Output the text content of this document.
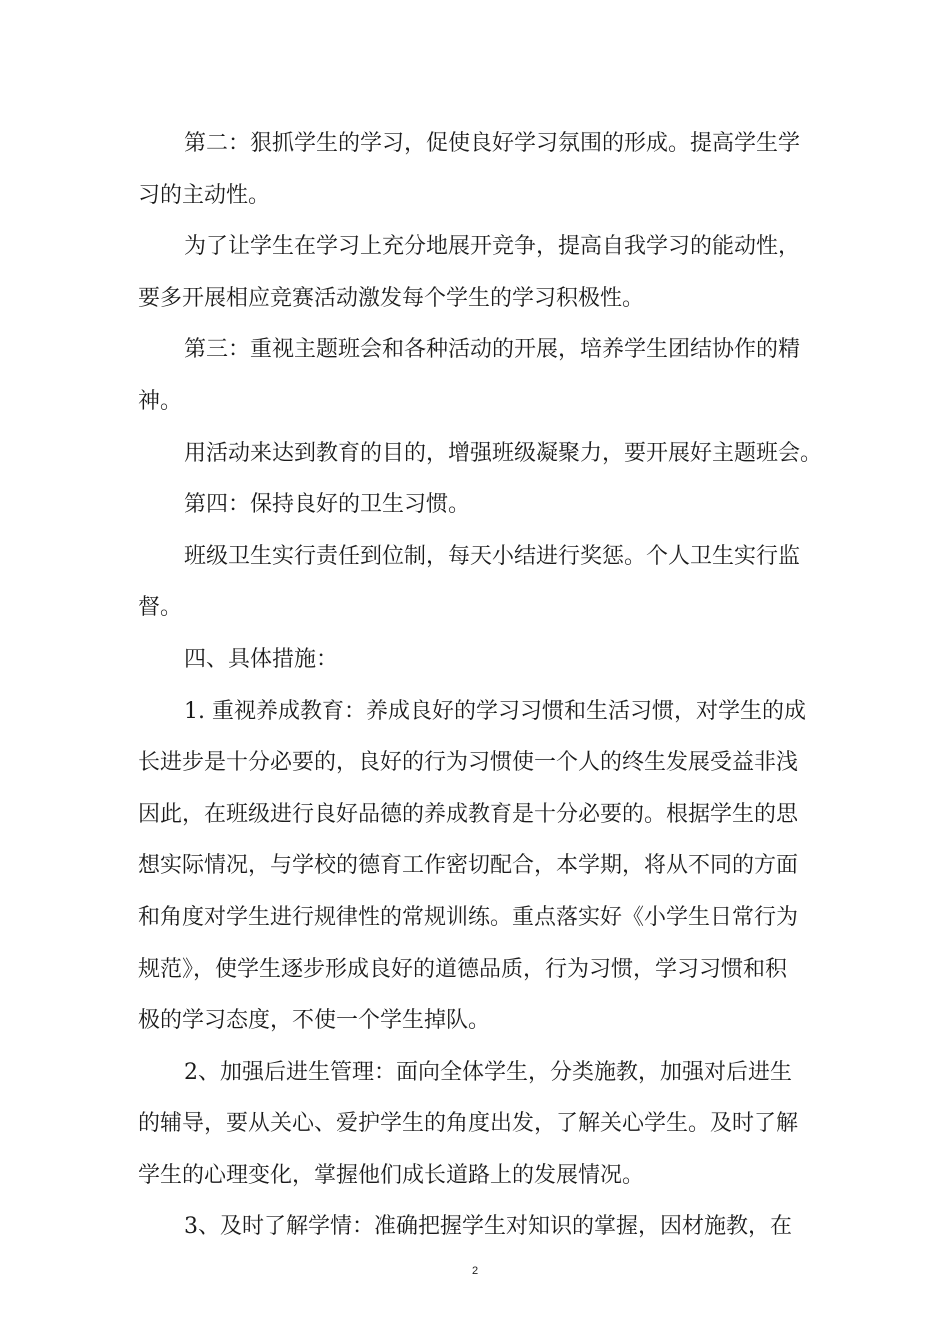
第二：狠抓学生的学习，促使良好学习氛围的形成。提高学生学
习的主动性。

为了让学生在学习上充分地展开竞争，提高自我学习的能动性，
要多开展相应竞赛活动激发每个学生的学习积极性。

第三：重视主题班会和各种活动的开展，培养学生团结协作的精
神。

用活动来达到教育的目的，增强班级凝聚力，要开展好主题班会。

第四：保持良好的卫生习惯。

班级卫生实行责任到位制，每天小结进行奖惩。个人卫生实行监
督。

四、具体措施：

1. 重视养成教育：养成良好的学习习惯和生活习惯，对学生的成
长进步是十分必要的，良好的行为习惯使一个人的终生发展受益非浅
因此，在班级进行良好品德的养成教育是十分必要的。根据学生的思
想实际情况，与学校的德育工作密切配合，本学期，将从不同的方面
和角度对学生进行规律性的常规训练。重点落实好《小学生日常行为
规范》，使学生逐步形成良好的道德品质，行为习惯，学习习惯和积
极的学习态度，不使一个学生掉队。

2、加强后进生管理：面向全体学生，分类施教，加强对后进生
的辅导，要从关心、爱护学生的角度出发，了解关心学生。及时了解
学生的心理变化，掌握他们成长道路上的发展情况。

3、及时了解学情：准确把握学生对知识的掌握，因材施教，在

2
